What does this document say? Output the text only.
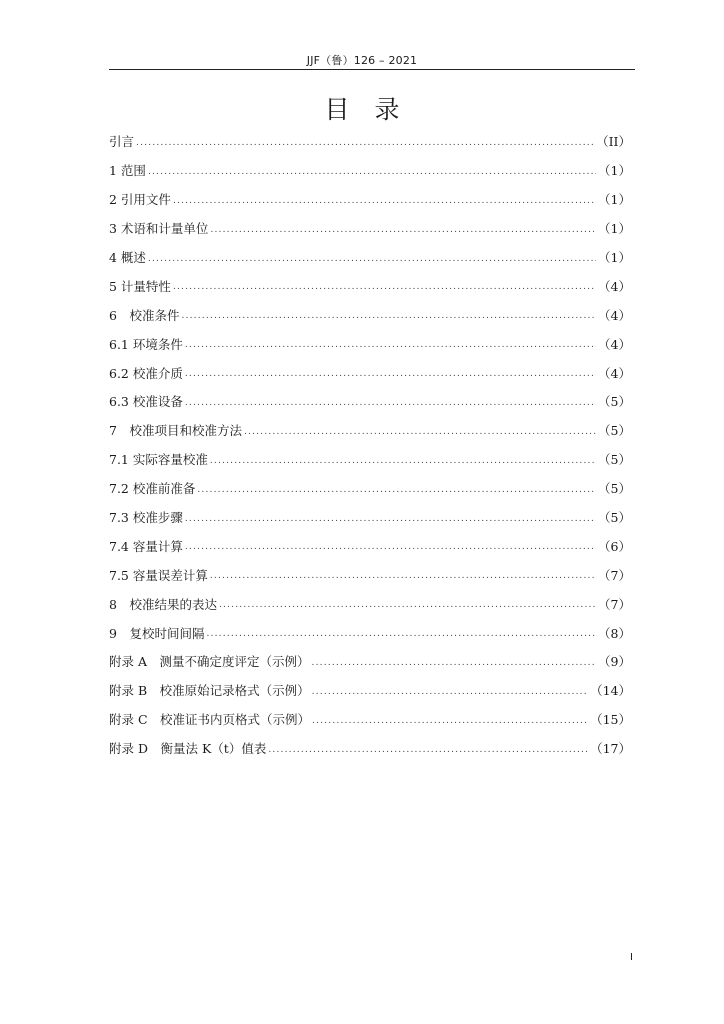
JJF（鲁）126 – 2021
目　录
引言 .....	（II）
1 范围 .....	（1）
2 引用文件 .....	（1）
3 术语和计量单位 .....	（1）
4 概述 .....	（1）
5 计量特性 .....	（4）
6　校准条件 .....	（4）
6.1 环境条件 .....	（4）
6.2 校准介质 .....	（4）
6.3 校准设备 .....	（5）
7　校准项目和校准方法 .....	（5）
7.1 实际容量校准 .....	（5）
7.2 校准前准备 .....	（5）
7.3 校准步骤 .....	（5）
7.4 容量计算 .....	（6）
7.5 容量误差计算 .....	（7）
8　校准结果的表达 .....	（7）
9　复校时间间隔 .....	（8）
附录 A　测量不确定度评定（示例） .....	（9）
附录 B　校准原始记录格式（示例） .....	（14）
附录 C　校准证书内页格式（示例） .....	（15）
附录 D　衡量法 K（t）值表 .....	（17）
I
